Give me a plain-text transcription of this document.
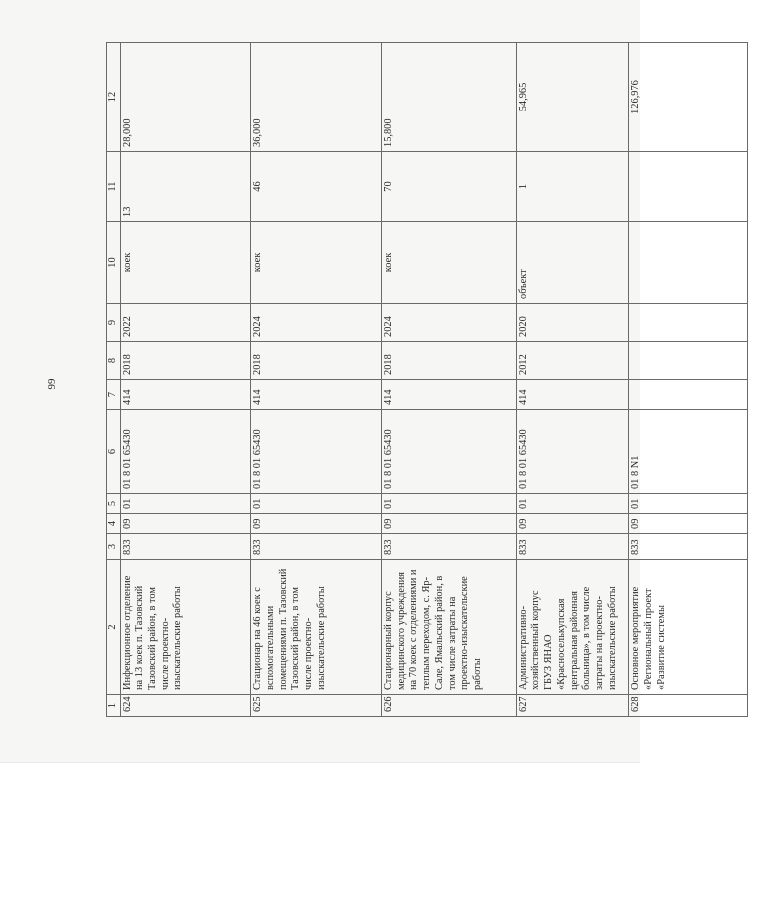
99
1	2	3	4	5	6	7	8	9	10	11	12
624	Инфекционное отделение на 13 коек п. Тазовский Тазовский район, в том числе проектно-изыскательские работы	833	09	01	01 8 01 65430	414	2018	2022	коек	13	28,000
625	Стационар на 46 коек с вспомогательными помещениями п. Тазовский Тазовский район, в том числе проектно-изыскательские работы	833	09	01	01 8 01 65430	414	2018	2024	коек	46	36,000
626	Стационарный корпус медицинского учреждения на 70 коек с отделениями и теплым переходом, с. Яр-Сале, Ямальский район, в том числе затраты на проектно-изыскательские работы	833	09	01	01 8 01 65430	414	2018	2024	коек	70	15,800
627	Административно-хозяйственный корпус ГБУЗ ЯНАО «Красноселькупская центральная районная больница», в том числе затраты на проектно-изыскательские работы	833	09	01	01 8 01 65430	414	2012	2020	объект	1	54,965
628	Основное мероприятие «Региональный проект «Развитие системы	833	09	01	01 8 N1						126,976
